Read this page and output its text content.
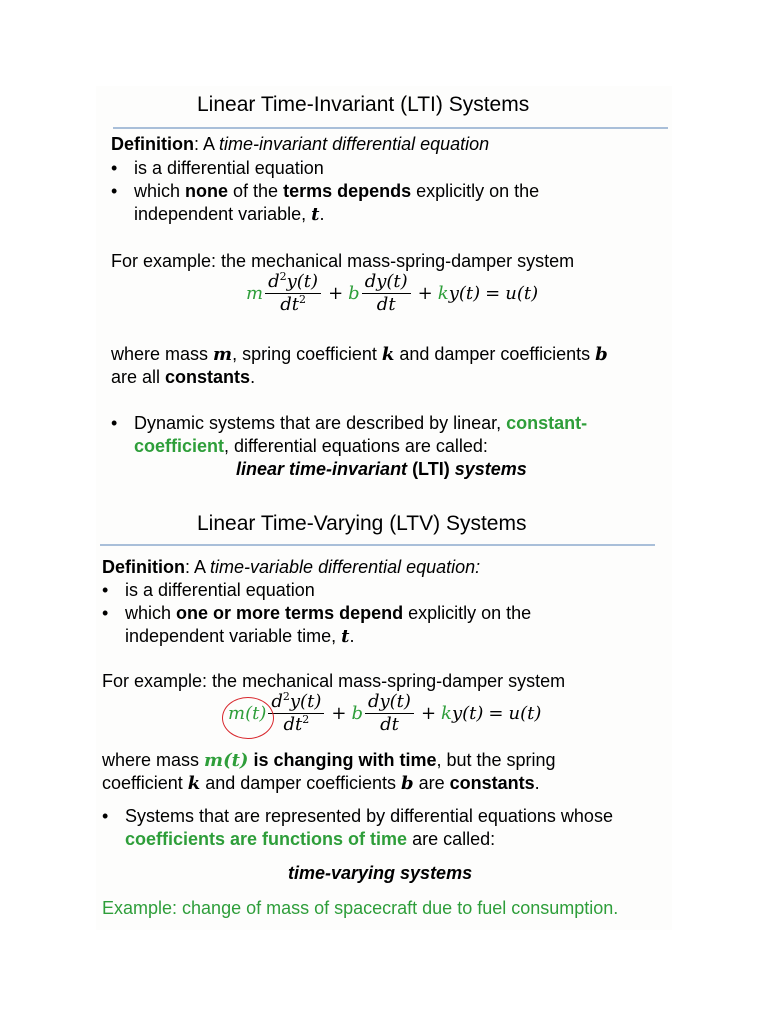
Linear Time-Invariant (LTI) Systems
Definition: A time-invariant differential equation
• is a differential equation
• which none of the terms depends explicitly on the
independent variable, t.
For example: the mechanical mass-spring-damper system
m $\frac{d^2y(t)}{dt^2} + b \frac{dy(t)}{dt} + k$ y(t) = u(t)
where mass m, spring coefficient k and damper coefficients b
are all constants.
• Dynamic systems that are described by linear, constant-
coefficient, differential equations are called:
linear time-invariant (LTI) systems
Linear Time-Varying (LTV) Systems
Definition: A time-variable differential equation:
• is a differential equation
• which one or more terms depend explicitly on the
independent variable time, t.
For example: the mechanical mass-spring-damper system
$m(t) \frac{d^2y(t)}{dt^2} + b \frac{dy(t)}{dt} + k$ y(t) = u(t)
where mass m(t) is changing with time, but the spring
coefficient k and damper coefficients b are constants.
• Systems that are represented by differential equations whose
coefficients are functions of time are called:
time-varying systems
Example: change of mass of spacecraft due to fuel consumption.
